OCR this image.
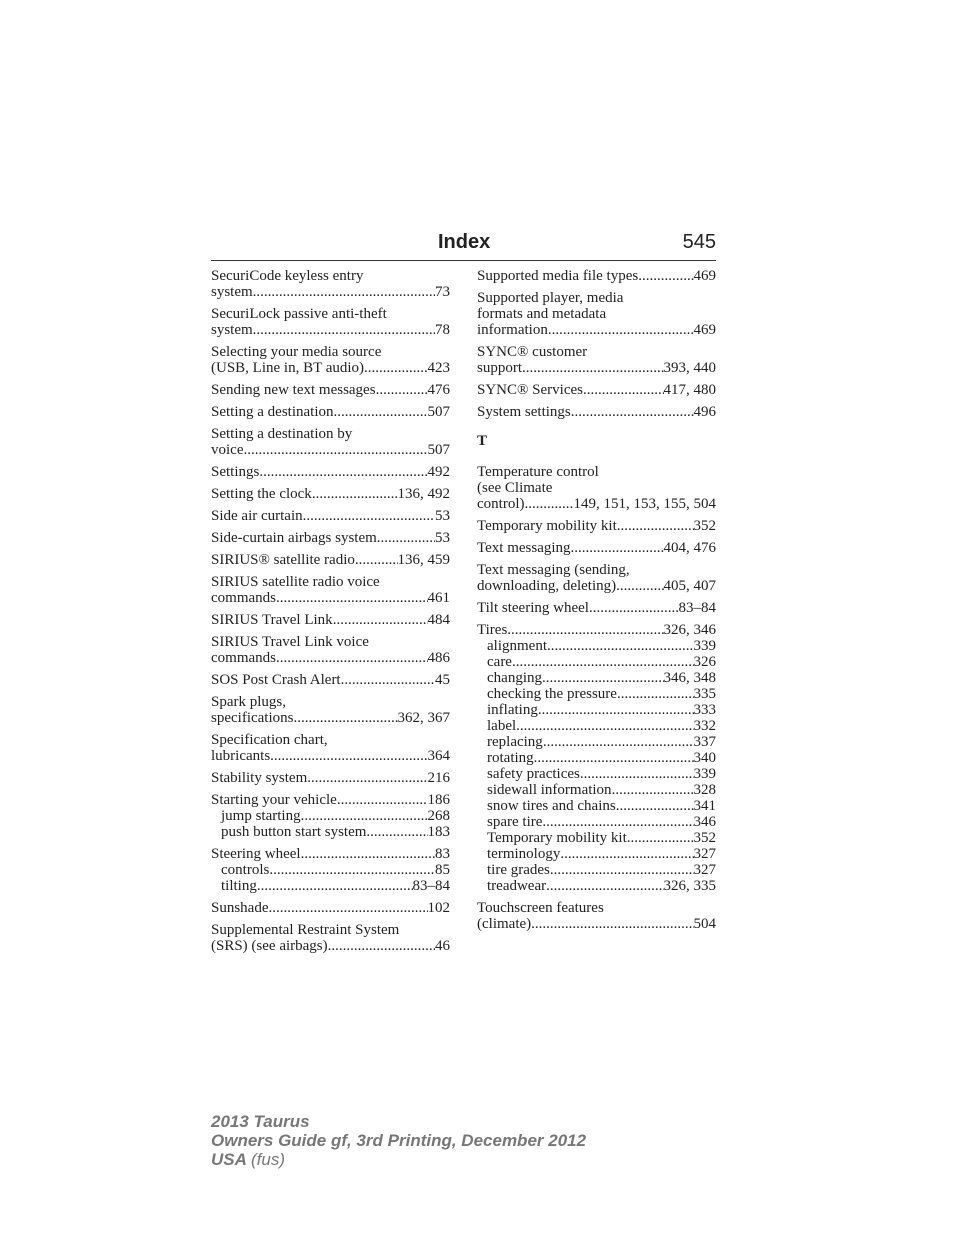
Index	545
SecuriCode keyless entry
system .....	73
SecuriLock passive anti-theft
system .....	78
Selecting your media source
(USB, Line in, BT audio) .....	423
Sending new text messages .....	476
Setting a destination .....	507
Setting a destination by
voice .....	507
Settings .....	492
Setting the clock .....	136, 492
Side air curtain .....	53
Side-curtain airbags system .....	53
SIRIUS® satellite radio .....	136, 459
SIRIUS satellite radio voice
commands .....	461
SIRIUS Travel Link .....	484
SIRIUS Travel Link voice
commands .....	486
SOS Post Crash Alert .....	45
Spark plugs,
specifications .....	362, 367
Specification chart,
lubricants .....	364
Stability system .....	216
Starting your vehicle .....	186
jump starting .....	268
push button start system .....	183
Steering wheel .....	83
controls .....	85
tilting .....	83–84
Sunshade .....	102
Supplemental Restraint System
(SRS) (see airbags) .....	46
Supported media file types .....	469
Supported player, media
formats and metadata
information .....	469
SYNC® customer
support .....	393, 440
SYNC® Services .....	417, 480
System settings .....	496
T
Temperature control
(see Climate
control) .....	149, 151, 153, 155, 504
Temporary mobility kit .....	352
Text messaging .....	404, 476
Text messaging (sending,
downloading, deleting) .....	405, 407
Tilt steering wheel .....	83–84
Tires .....	326, 346
alignment .....	339
care .....	326
changing .....	346, 348
checking the pressure .....	335
inflating .....	333
label .....	332
replacing .....	337
rotating .....	340
safety practices .....	339
sidewall information .....	328
snow tires and chains .....	341
spare tire .....	346
Temporary mobility kit .....	352
terminology .....	327
tire grades .....	327
treadwear .....	326, 335
Touchscreen features
(climate) .....	504
2013 Taurus
Owners Guide gf, 3rd Printing, December 2012
USA (fus)
